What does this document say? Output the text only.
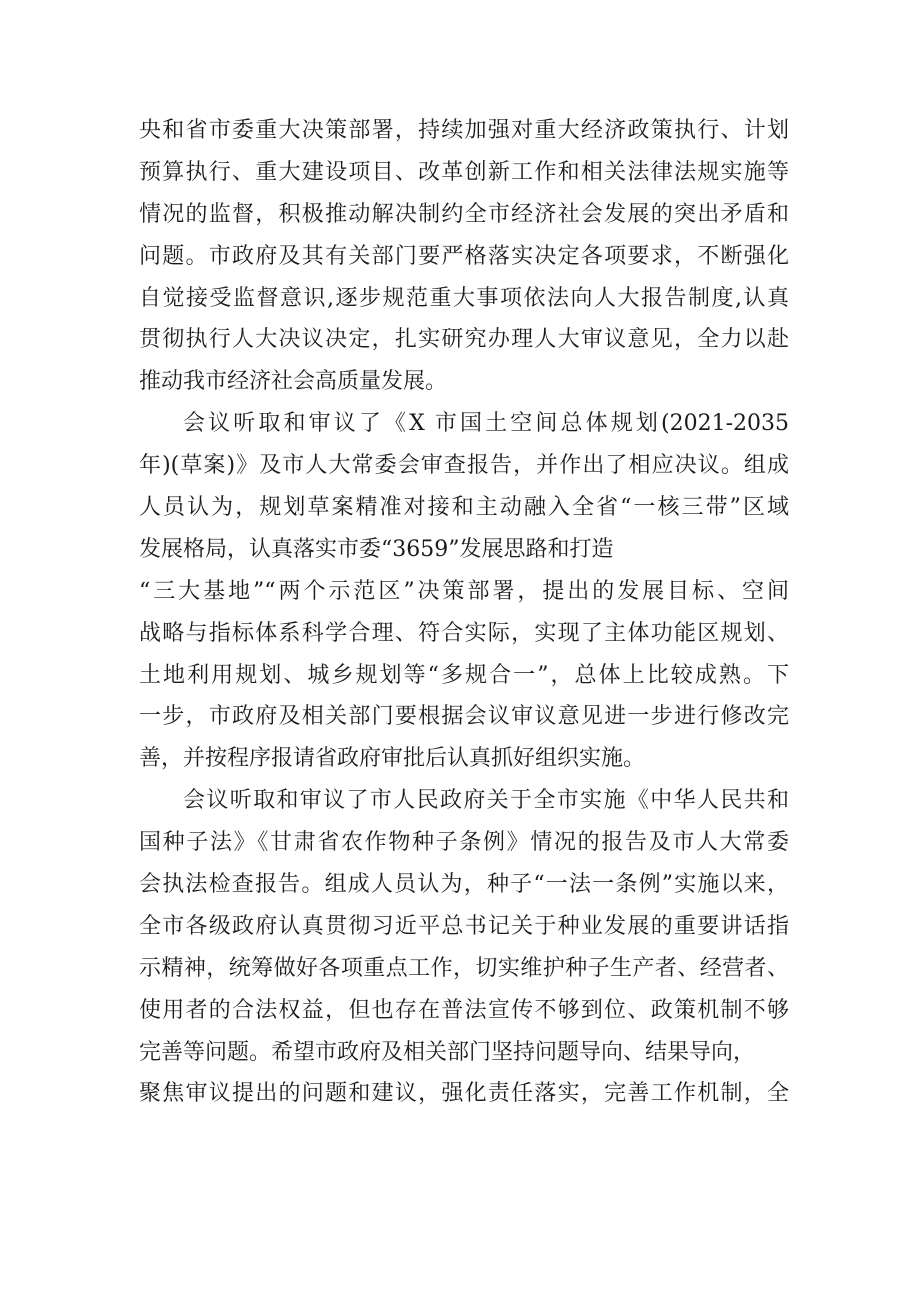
央和省市委重大决策部署，持续加强对重大经济政策执行、计划
预算执行、重大建设项目、改革创新工作和相关法律法规实施等
情况的监督，积极推动解决制约全市经济社会发展的突出矛盾和
问题。市政府及其有关部门要严格落实决定各项要求，不断强化
自觉接受监督意识,逐步规范重大事项依法向人大报告制度,认真
贯彻执行人大决议决定，扎实研究办理人大审议意见，全力以赴
推动我市经济社会高质量发展。
会议听取和审议了《X 市国土空间总体规划(2021-2035
年)(草案)》及市人大常委会审查报告，并作出了相应决议。组成
人员认为，规划草案精准对接和主动融入全省“一核三带”区域
发展格局，认真落实市委“3659”发展思路和打造
“三大基地”“两个示范区”决策部署，提出的发展目标、空间
战略与指标体系科学合理、符合实际，实现了主体功能区规划、
土地利用规划、城乡规划等“多规合一”，总体上比较成熟。下
一步，市政府及相关部门要根据会议审议意见进一步进行修改完
善，并按程序报请省政府审批后认真抓好组织实施。
会议听取和审议了市人民政府关于全市实施《中华人民共和
国种子法》《甘肃省农作物种子条例》情况的报告及市人大常委
会执法检查报告。组成人员认为，种子“一法一条例”实施以来，
全市各级政府认真贯彻习近平总书记关于种业发展的重要讲话指
示精神，统筹做好各项重点工作，切实维护种子生产者、经营者、
使用者的合法权益，但也存在普法宣传不够到位、政策机制不够
完善等问题。希望市政府及相关部门坚持问题导向、结果导向，
聚焦审议提出的问题和建议，强化责任落实，完善工作机制，全
